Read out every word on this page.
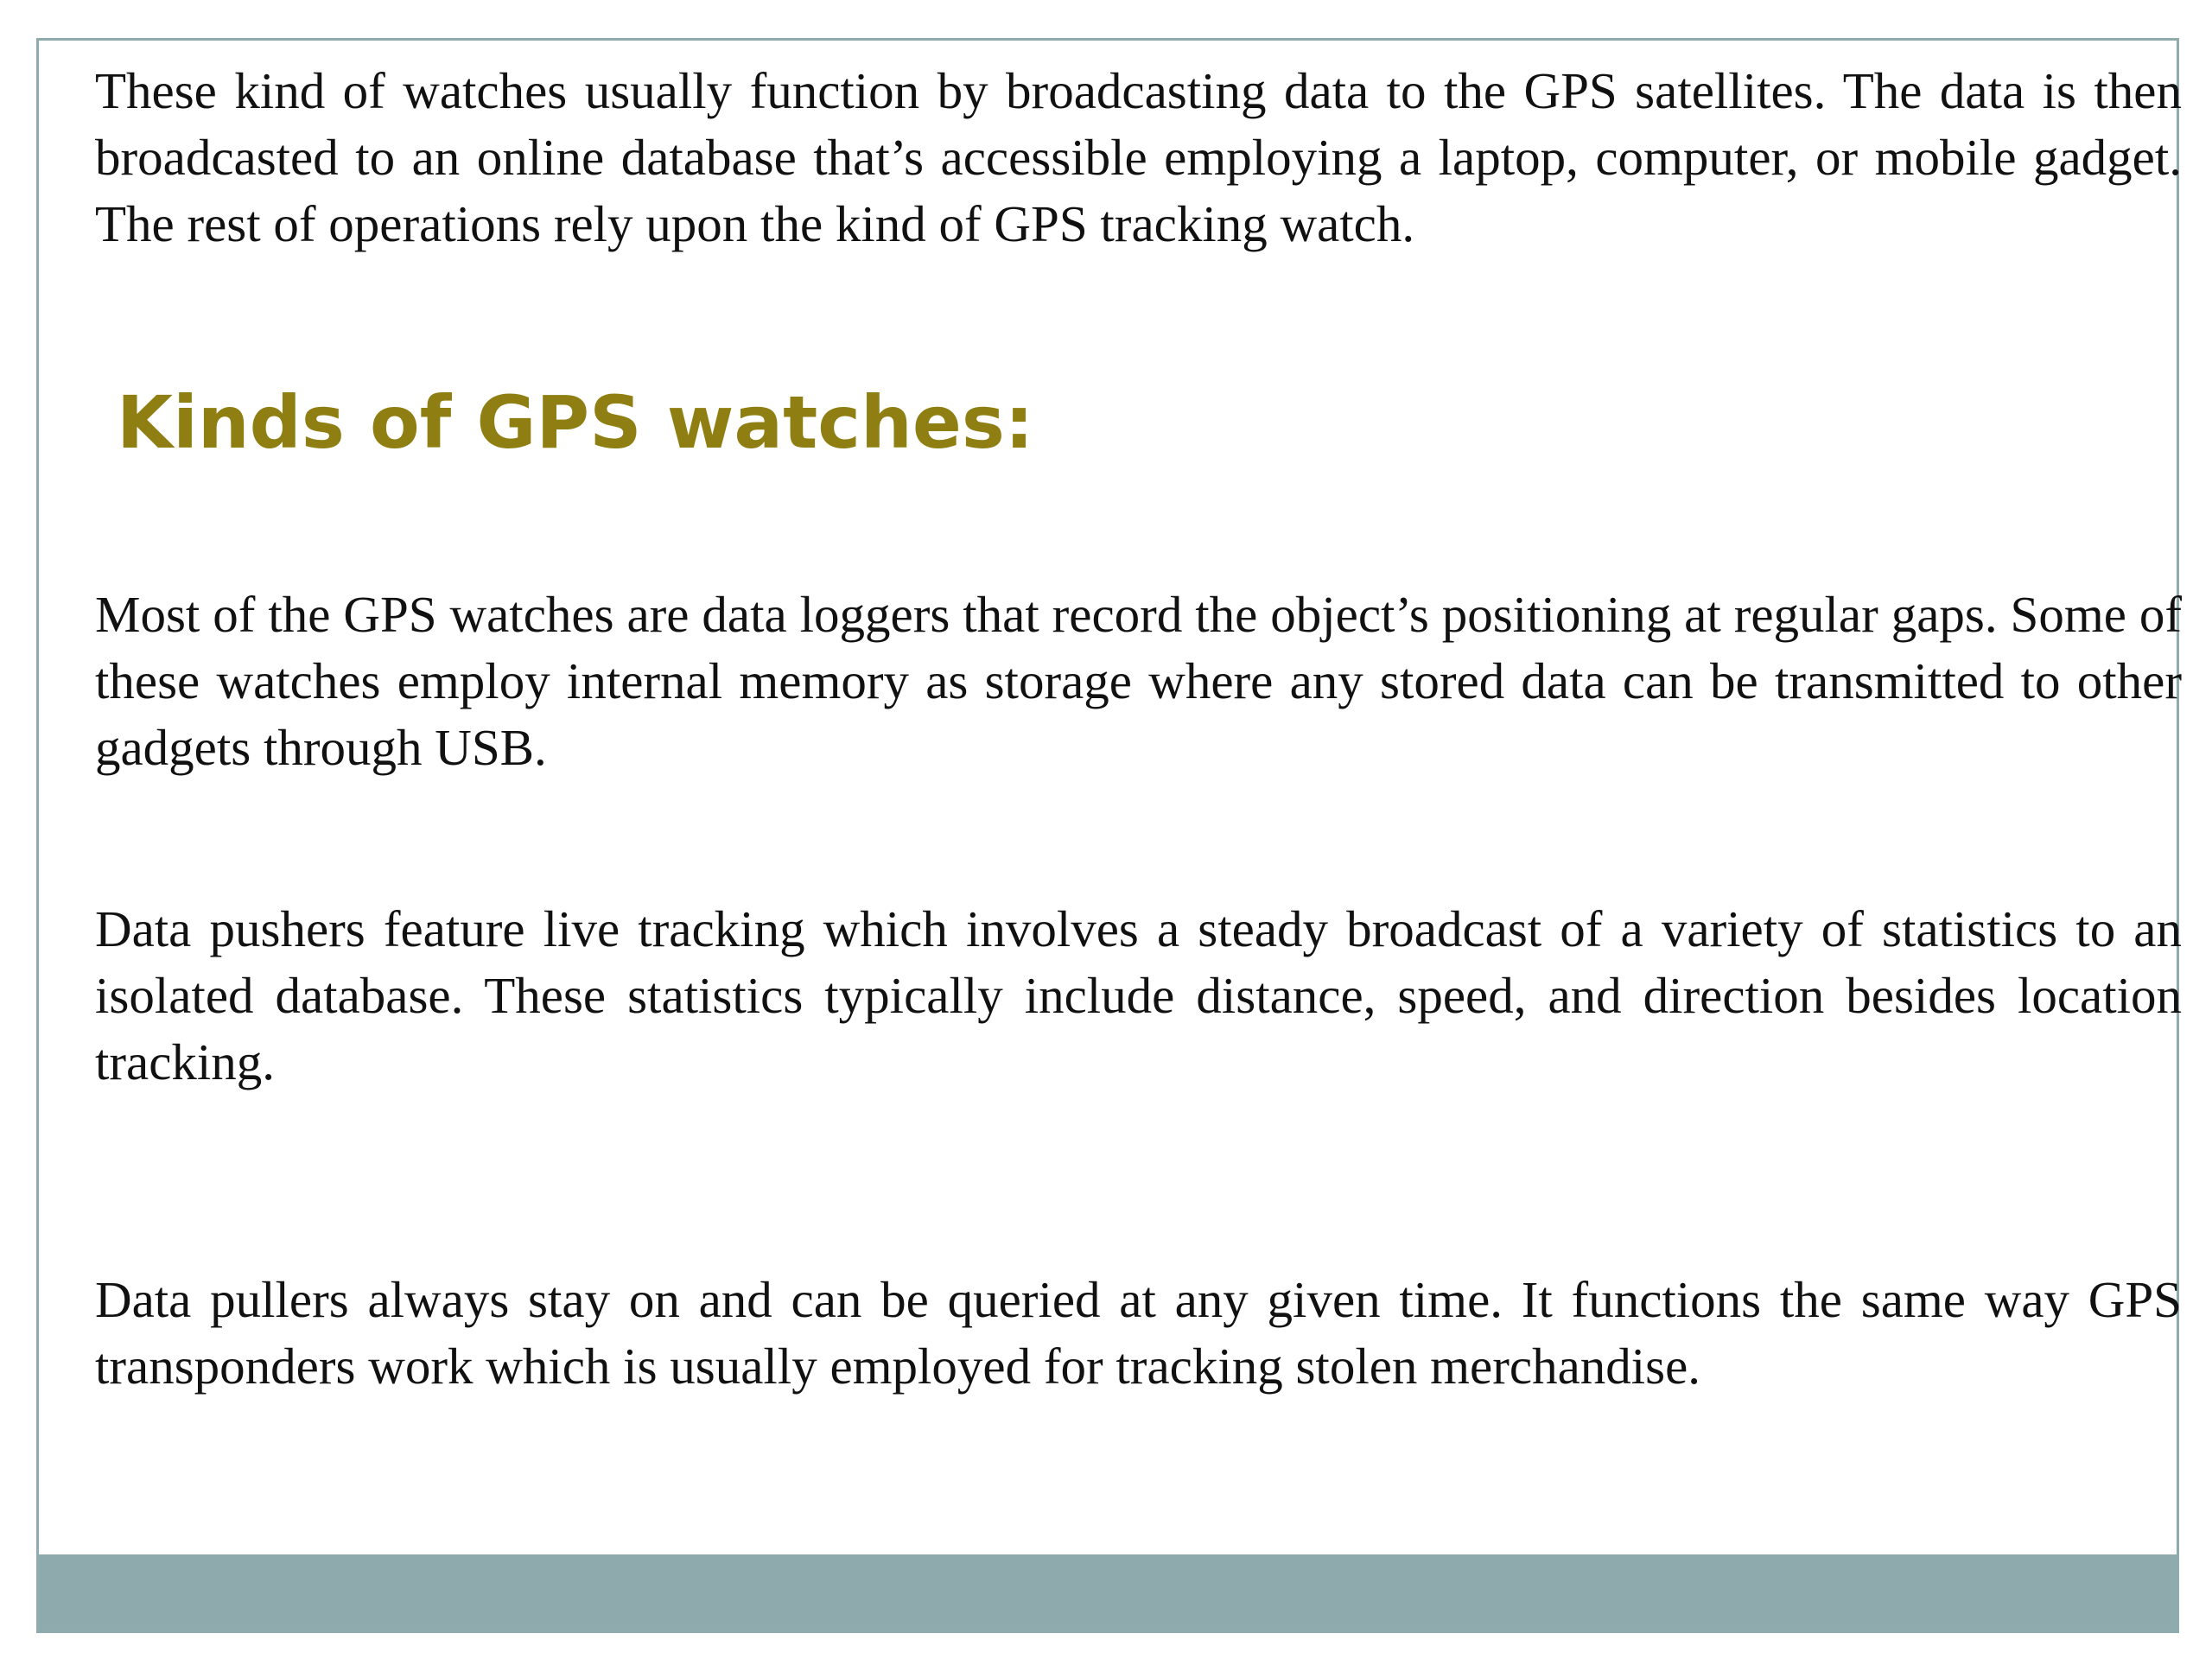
These kind of watches usually function by broadcasting data to the GPS satellites. The data is then broadcasted to an online database that’s accessible employing a laptop, computer, or mobile gadget. The rest of operations rely upon the kind of GPS tracking watch.

Kinds of GPS watches:

Most of the GPS watches are data loggers that record the object’s positioning at regular gaps. Some of these watches employ internal memory as storage where any stored data can be transmitted to other gadgets through USB.

Data pushers feature live tracking which involves a steady broadcast of a variety of statistics to an isolated database. These statistics typically include distance, speed, and direction besides location tracking.

Data pullers always stay on and can be queried at any given time. It functions the same way GPS transponders work which is usually employed for tracking stolen merchandise.
